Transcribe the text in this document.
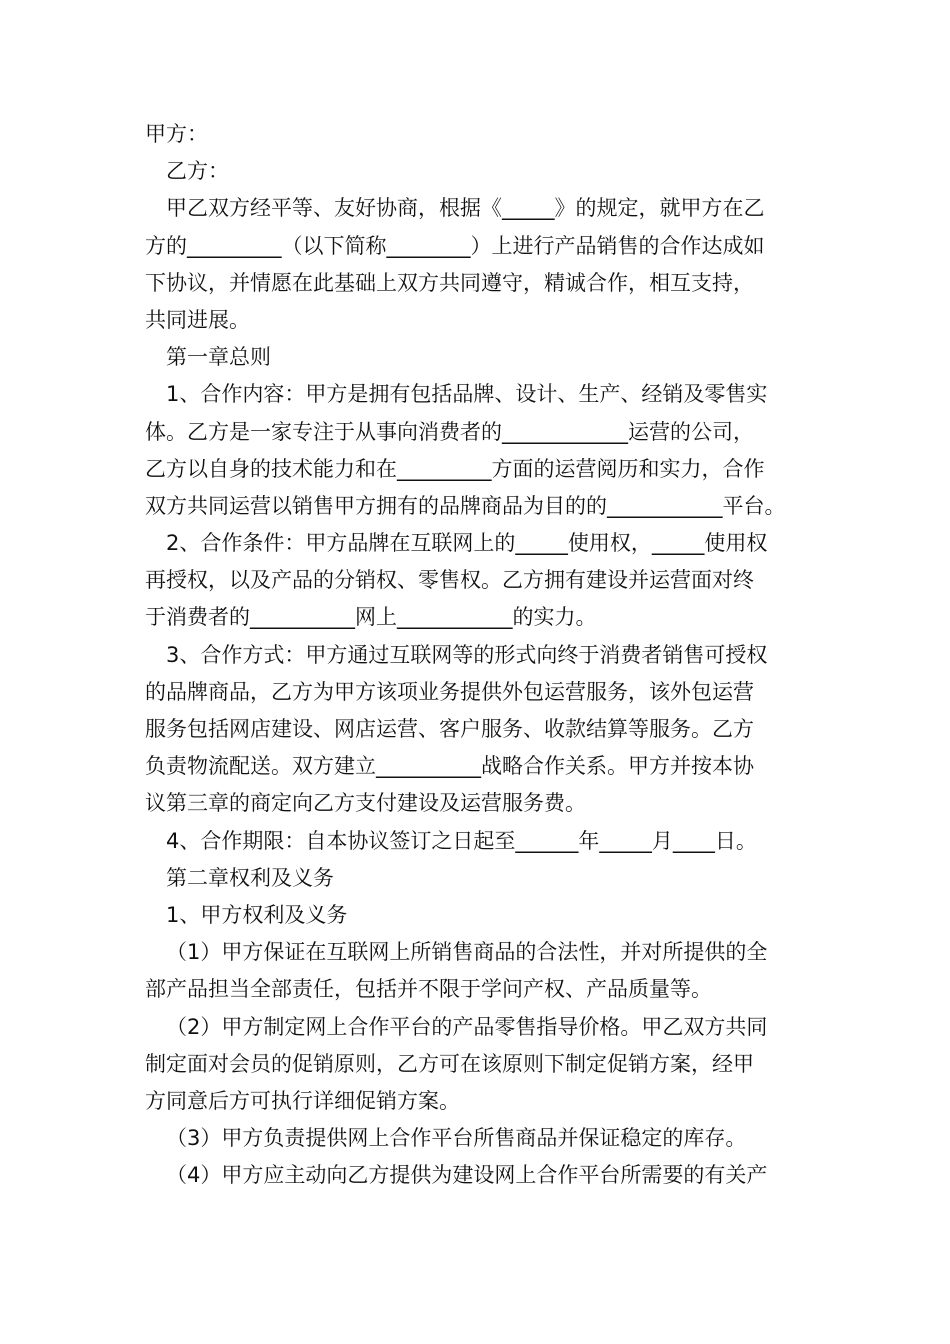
甲方：
乙方：
甲乙双方经平等、友好协商，根据《_____》的规定，就甲方在乙
方的_________（以下简称________）上进行产品销售的合作达成如
下协议，并情愿在此基础上双方共同遵守，精诚合作，相互支持，
共同进展。
第一章总则
1、合作内容：甲方是拥有包括品牌、设计、生产、经销及零售实
体。乙方是一家专注于从事向消费者的____________运营的公司，
乙方以自身的技术能力和在_________方面的运营阅历和实力，合作
双方共同运营以销售甲方拥有的品牌商品为目的的___________平台。
2、合作条件：甲方品牌在互联网上的_____使用权，_____使用权
再授权，以及产品的分销权、零售权。乙方拥有建设并运营面对终
于消费者的__________网上___________的实力。
3、合作方式：甲方通过互联网等的形式向终于消费者销售可授权
的品牌商品，乙方为甲方该项业务提供外包运营服务，该外包运营
服务包括网店建设、网店运营、客户服务、收款结算等服务。乙方
负责物流配送。双方建立__________战略合作关系。甲方并按本协
议第三章的商定向乙方支付建设及运营服务费。
4、合作期限：自本协议签订之日起至______年_____月____日。
第二章权利及义务
1、甲方权利及义务
（1）甲方保证在互联网上所销售商品的合法性，并对所提供的全
部产品担当全部责任，包括并不限于学问产权、产品质量等。
（2）甲方制定网上合作平台的产品零售指导价格。甲乙双方共同
制定面对会员的促销原则，乙方可在该原则下制定促销方案，经甲
方同意后方可执行详细促销方案。
（3）甲方负责提供网上合作平台所售商品并保证稳定的库存。
（4）甲方应主动向乙方提供为建设网上合作平台所需要的有关产
